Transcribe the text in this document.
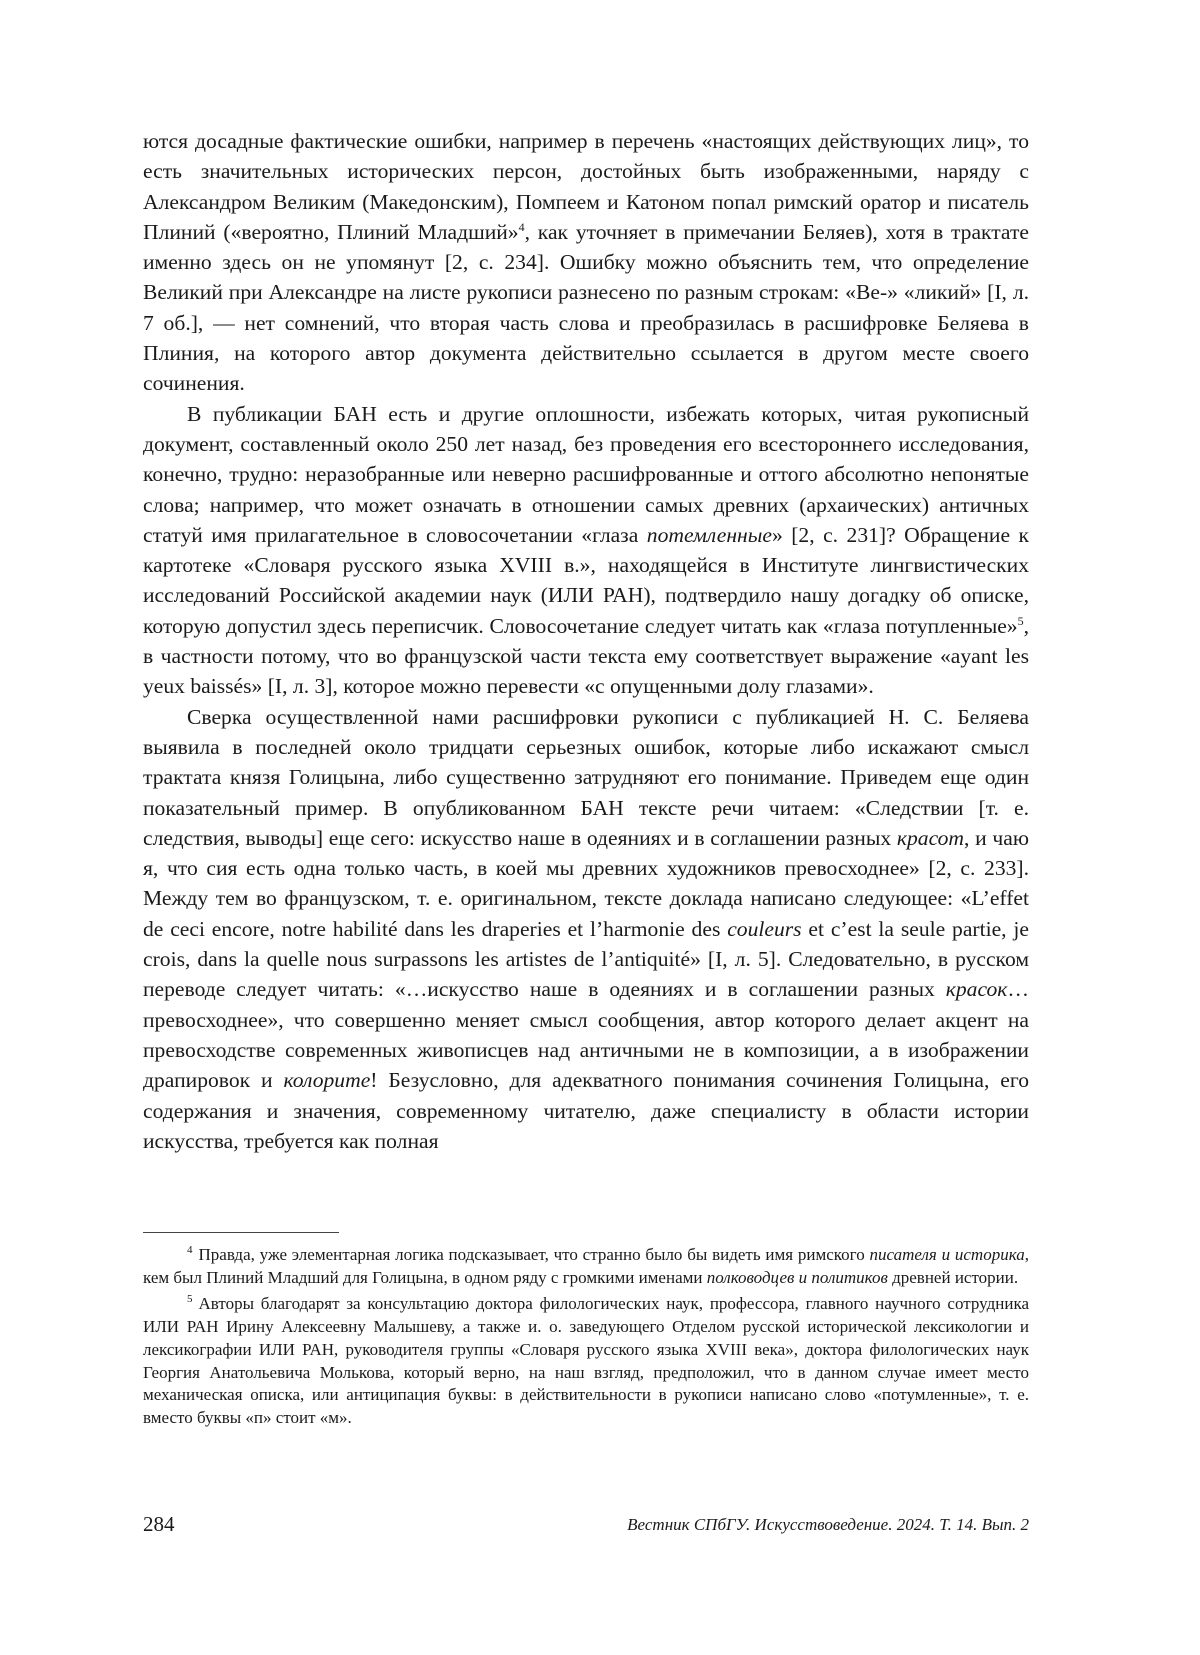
ются досадные фактические ошибки, например в перечень «настоящих действующих лиц», то есть значительных исторических персон, достойных быть изображенными, наряду с Александром Великим (Македонским), Помпеем и Катоном попал римский оратор и писатель Плиний («вероятно, Плиний Младший»$^4$, как уточняет в примечании Беляев), хотя в трактате именно здесь он не упомянут [2, с. 234]. Ошибку можно объяснить тем, что определение Великий при Александре на листе рукописи разнесено по разным строкам: «Ве-» «ликий» [I, л. 7 об.], — нет сомнений, что вторая часть слова и преобразилась в расшифровке Беляева в Плиния, на которого автор документа действительно ссылается в другом месте своего сочинения.

В публикации БАН есть и другие оплошности, избежать которых, читая рукописный документ, составленный около 250 лет назад, без проведения его всестороннего исследования, конечно, трудно: неразобранные или неверно расшифрованные и оттого абсолютно непонятые слова; например, что может означать в отношении самых древних (архаических) античных статуй имя прилагательное в словосочетании «глаза потемленные» [2, с. 231]? Обращение к картотеке «Словаря русского языка XVIII в.», находящейся в Институте лингвистических исследований Российской академии наук (ИЛИ РАН), подтвердило нашу догадку об описке, которую допустил здесь переписчик. Словосочетание следует читать как «глаза потупленные»$^5$, в частности потому, что во французской части текста ему соответствует выражение «ayant les yeux baissés» [I, л. 3], которое можно перевести «с опущенными долу глазами».

Сверка осуществленной нами расшифровки рукописи с публикацией Н. С. Беляева выявила в последней около тридцати серьезных ошибок, которые либо искажают смысл трактата князя Голицына, либо существенно затрудняют его понимание. Приведем еще один показательный пример. В опубликованном БАН тексте речи читаем: «Следствии [т. е. следствия, выводы] еще сего: искусство наше в одеяниях и в соглашении разных красот, и чаю я, что сия есть одна только часть, в коей мы древних художников превосходнее» [2, с. 233]. Между тем во французском, т. е. оригинальном, тексте доклада написано следующее: «L’effet de ceci encore, notre habilité dans les draperies et l’harmonie des couleurs et c’est la seule partie, je crois, dans la quelle nous surpassons les artistes de l’antiquité» [I, л. 5]. Следовательно, в русском переводе следует читать: «…искусство наше в одеяниях и в соглашении разных красок… превосходнее», что совершенно меняет смысл сообщения, автор которого делает акцент на превосходстве современных живописцев над античными не в композиции, а в изображении драпировок и колорите! Безусловно, для адекватного понимания сочинения Голицына, его содержания и значения, современному читателю, даже специалисту в области истории искусства, требуется как полная

$^4$ Правда, уже элементарная логика подсказывает, что странно было бы видеть имя римского писателя и историка, кем был Плиний Младший для Голицына, в одном ряду с громкими именами полководцев и политиков древней истории.

$^5$ Авторы благодарят за консультацию доктора филологических наук, профессора, главного научного сотрудника ИЛИ РАН Ирину Алексеевну Малышеву, а также и. о. заведующего Отделом русской исторической лексикологии и лексикографии ИЛИ РАН, руководителя группы «Словаря русского языка XVIII века», доктора филологических наук Георгия Анатольевича Молькова, который верно, на наш взгляд, предположил, что в данном случае имеет место механическая описка, или антиципация буквы: в действительности в рукописи написано слово «потумленные», т. е. вместо буквы «п» стоит «м».

284	Вестник СПбГУ. Искусствоведение. 2024. Т. 14. Вып. 2
